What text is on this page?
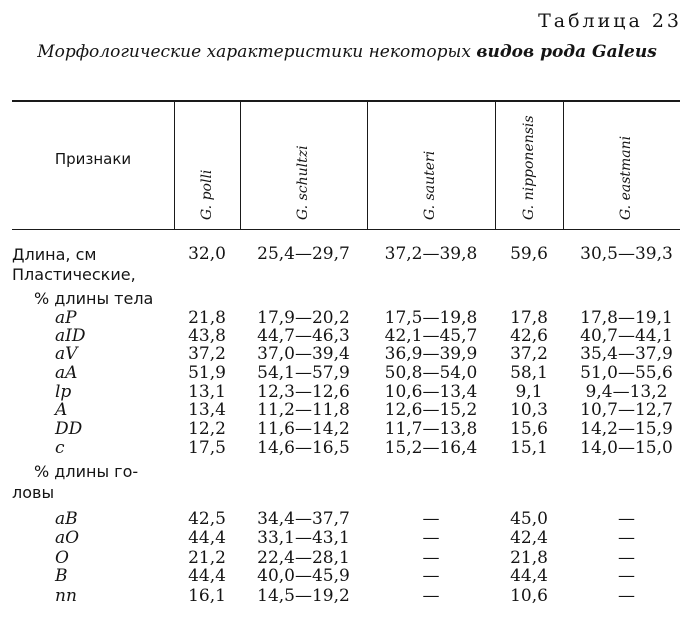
Таблица 23
Морфологические характеристики некоторых видов рода Galeus
Признаки
G. polli	G. schultzi	G. sauteri	G. nipponensis	G. eastmani
Длина, см	32,0	25,4—29,7	37,2—39,8	59,6	30,5—39,3
Пластические,
% длины тела
aP	21,8	17,9—20,2	17,5—19,8	17,8	17,8—19,1
aID	43,8	44,7—46,3	42,1—45,7	42,6	40,7—44,1
aV	37,2	37,0—39,4	36,9—39,9	37,2	35,4—37,9
aA	51,9	54,1—57,9	50,8—54,0	58,1	51,0—55,6
lp	13,1	12,3—12,6	10,6—13,4	9,1	9,4—13,2
A	13,4	11,2—11,8	12,6—15,2	10,3	10,7—12,7
DD	12,2	11,6—14,2	11,7—13,8	15,6	14,2—15,9
c	17,5	14,6—16,5	15,2—16,4	15,1	14,0—15,0
% длины го-
ловы
aB	42,5	34,4—37,7	—	45,0	—
aO	44,4	33,1—43,1	—	42,4	—
O	21,2	22,4—28,1	—	21,8	—
B	44,4	40,0—45,9	—	44,4	—
nn	16,1	14,5—19,2	—	10,6	—
